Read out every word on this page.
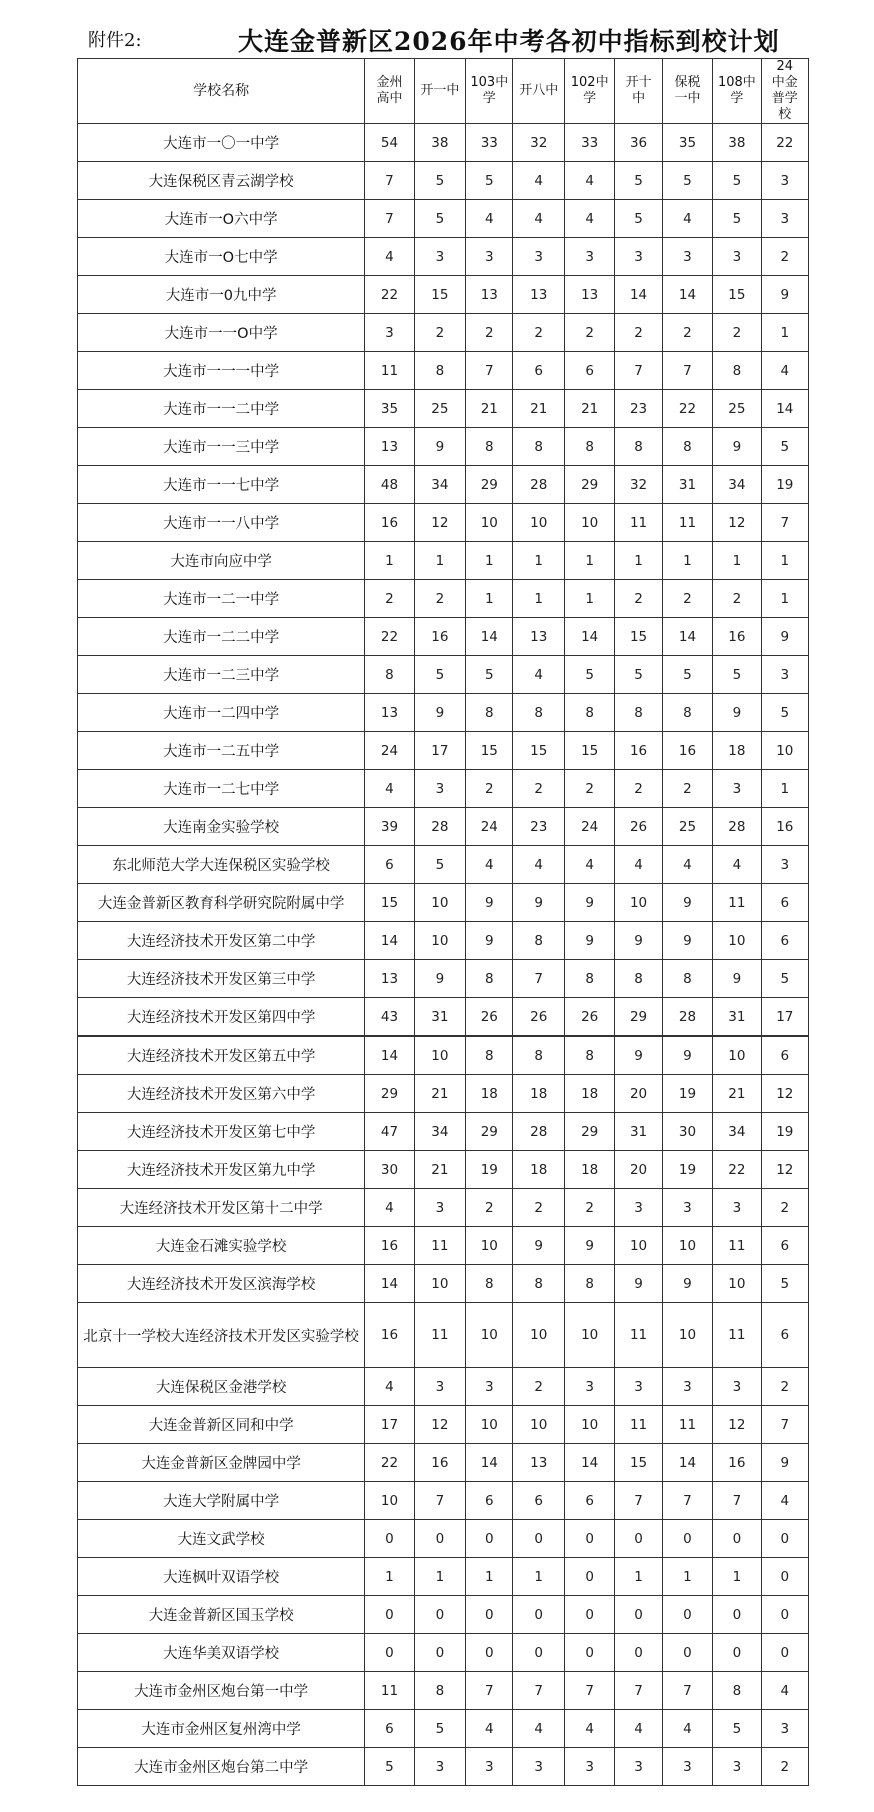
附件2:	大连金普新区2026年中考各初中指标到校计划
学校名称	金州高中	开一中	103中学	开八中	102中学	开十中	保税一中	108中学	24中金普学校

大连市一〇一中学	54	38	33	32	33	36	35	38	22
大连保税区青云湖学校	7	5	5	4	4	5	5	5	3
大连市一O六中学	7	5	4	4	4	5	4	5	3
大连市一O七中学	4	3	3	3	3	3	3	3	2
大连市一0九中学	22	15	13	13	13	14	14	15	9
大连市一一O中学	3	2	2	2	2	2	2	2	1
大连市一一一中学	11	8	7	6	6	7	7	8	4
大连市一一二中学	35	25	21	21	21	23	22	25	14
大连市一一三中学	13	9	8	8	8	8	8	9	5
大连市一一七中学	48	34	29	28	29	32	31	34	19
大连市一一八中学	16	12	10	10	10	11	11	12	7
大连市向应中学	1	1	1	1	1	1	1	1	1
大连市一二一中学	2	2	1	1	1	2	2	2	1
大连市一二二中学	22	16	14	13	14	15	14	16	9
大连市一二三中学	8	5	5	4	5	5	5	5	3
大连市一二四中学	13	9	8	8	8	8	8	9	5
大连市一二五中学	24	17	15	15	15	16	16	18	10
大连市一二七中学	4	3	2	2	2	2	2	3	1
大连南金实验学校	39	28	24	23	24	26	25	28	16
东北师范大学大连保税区实验学校	6	5	4	4	4	4	4	4	3
大连金普新区教育科学研究院附属中学	15	10	9	9	9	10	9	11	6
大连经济技术开发区第二中学	14	10	9	8	9	9	9	10	6
大连经济技术开发区第三中学	13	9	8	7	8	8	8	9	5
大连经济技术开发区第四中学	43	31	26	26	26	29	28	31	17
大连经济技术开发区第五中学	14	10	8	8	8	9	9	10	6
大连经济技术开发区第六中学	29	21	18	18	18	20	19	21	12
大连经济技术开发区第七中学	47	34	29	28	29	31	30	34	19
大连经济技术开发区第九中学	30	21	19	18	18	20	19	22	12
大连经济技术开发区第十二中学	4	3	2	2	2	3	3	3	2
大连金石滩实验学校	16	11	10	9	9	10	10	11	6
大连经济技术开发区滨海学校	14	10	8	8	8	9	9	10	5
北京十一学校大连经济技术开发区实验学校	16	11	10	10	10	11	10	11	6
大连保税区金港学校	4	3	3	2	3	3	3	3	2
大连金普新区同和中学	17	12	10	10	10	11	11	12	7
大连金普新区金牌园中学	22	16	14	13	14	15	14	16	9
大连大学附属中学	10	7	6	6	6	7	7	7	4
大连文武学校	0	0	0	0	0	0	0	0	0
大连枫叶双语学校	1	1	1	1	0	1	1	1	0
大连金普新区国玉学校	0	0	0	0	0	0	0	0	0
大连华美双语学校	0	0	0	0	0	0	0	0	0
大连市金州区炮台第一中学	11	8	7	7	7	7	7	8	4
大连市金州区复州湾中学	6	5	4	4	4	4	4	5	3
大连市金州区炮台第二中学	5	3	3	3	3	3	3	3	2
